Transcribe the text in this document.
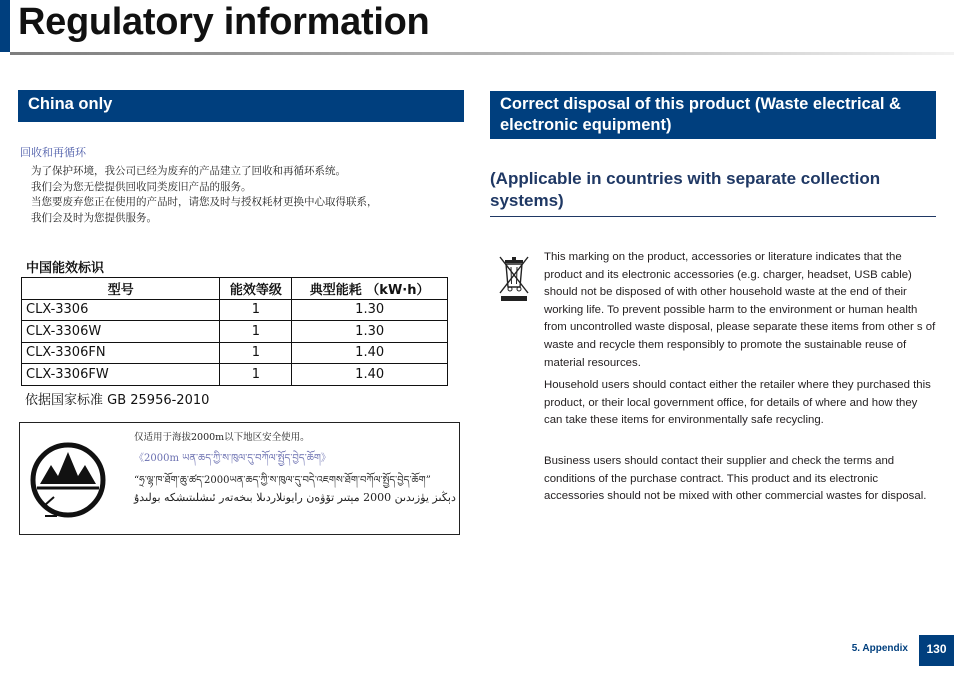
Regulatory information
China only
回收和再循环
为了保护环境，我公司已经为废弃的产品建立了回收和再循环系统。
我们会为您无偿提供回收同类废旧产品的服务。
当您要废弃您正在使用的产品时，请您及时与授权耗材更换中心取得联系，
我们会及时为您提供服务。
中国能效标识
型号	能效等级	典型能耗 （kW·h）
CLX-3306	1	1.30
CLX-3306W	1	1.30
CLX-3306FN	1	1.40
CLX-3306FW	1	1.40
依据国家标准 GB 25956-2010
仅适用于海拔2000m以下地区安全使用。
《2000m ཡན་ཆད་ཀྱི་ས་ཁུལ་དུ་བཀོལ་སྤྱོད་བྱེད་ཆོག》
“ཧྲ་ལྷ་ཁ་ཐོག་ཆུ་ཚད་2000ཡན་ཆད་ཀྱི་ས་ཁུལ་དུ་བདེ་འཇགས་ཐོག་བཀོལ་སྤྱོད་བྱེད་ཆོག”
دېڭىز يۈزىدىن 2000 مېتىر تۆۋەن رايونلاردىلا بىخەتەر ئىشلىتىشكە بولىدۇ
Correct disposal of this product (Waste electrical & electronic equipment)
(Applicable in countries with separate collection systems)

This marking on the product, accessories or literature indicates that the product and its electronic accessories (e.g. charger, headset, USB cable) should not be disposed of with other household waste at the end of their working life. To prevent possible harm to the environment or human health from uncontrolled waste disposal, please separate these items from other s of waste and recycle them responsibly to promote the sustainable reuse of material resources.

Household users should contact either the retailer where they purchased this product, or their local government office, for details of where and how they can take these items for environmentally safe recycling.

Business users should contact their supplier and check the terms and conditions of the purchase contract. This product and its electronic accessories should not be mixed with other commercial wastes for disposal.

5. Appendix	130
